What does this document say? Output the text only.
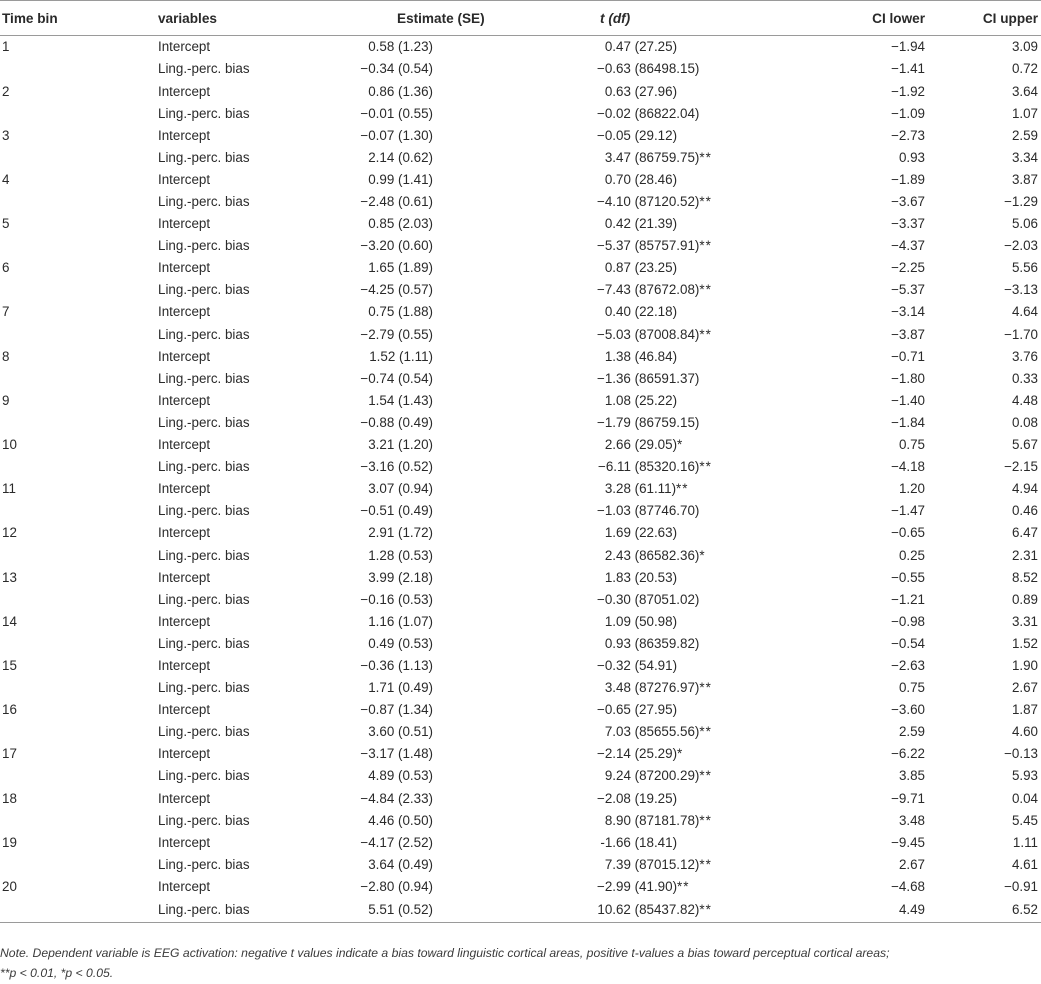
Time bin	variables	Estimate (SE)	t (df)	CI lower	CI upper
1	Intercept	0.58 (1.23)	0.47 (27.25)	−1.94	3.09
	Ling.-perc. bias	−0.34 (0.54)	−0.63 (86498.15)	−1.41	0.72
2	Intercept	0.86 (1.36)	0.63 (27.96)	−1.92	3.64
	Ling.-perc. bias	−0.01 (0.55)	−0.02 (86822.04)	−1.09	1.07
3	Intercept	−0.07 (1.30)	−0.05 (29.12)	−2.73	2.59
	Ling.-perc. bias	2.14 (0.62)	3.47 (86759.75)**	0.93	3.34
4	Intercept	0.99 (1.41)	0.70 (28.46)	−1.89	3.87
	Ling.-perc. bias	−2.48 (0.61)	−4.10 (87120.52)**	−3.67	−1.29
5	Intercept	0.85 (2.03)	0.42 (21.39)	−3.37	5.06
	Ling.-perc. bias	−3.20 (0.60)	−5.37 (85757.91)**	−4.37	−2.03
6	Intercept	1.65 (1.89)	0.87 (23.25)	−2.25	5.56
	Ling.-perc. bias	−4.25 (0.57)	−7.43 (87672.08)**	−5.37	−3.13
7	Intercept	0.75 (1.88)	0.40 (22.18)	−3.14	4.64
	Ling.-perc. bias	−2.79 (0.55)	−5.03 (87008.84)**	−3.87	−1.70
8	Intercept	1.52 (1.11)	1.38 (46.84)	−0.71	3.76
	Ling.-perc. bias	−0.74 (0.54)	−1.36 (86591.37)	−1.80	0.33
9	Intercept	1.54 (1.43)	1.08 (25.22)	−1.40	4.48
	Ling.-perc. bias	−0.88 (0.49)	−1.79 (86759.15)	−1.84	0.08
10	Intercept	3.21 (1.20)	2.66 (29.05)*	0.75	5.67
	Ling.-perc. bias	−3.16 (0.52)	−6.11 (85320.16)**	−4.18	−2.15
11	Intercept	3.07 (0.94)	3.28 (61.11)**	1.20	4.94
	Ling.-perc. bias	−0.51 (0.49)	−1.03 (87746.70)	−1.47	0.46
12	Intercept	2.91 (1.72)	1.69 (22.63)	−0.65	6.47
	Ling.-perc. bias	1.28 (0.53)	2.43 (86582.36)*	0.25	2.31
13	Intercept	3.99 (2.18)	1.83 (20.53)	−0.55	8.52
	Ling.-perc. bias	−0.16 (0.53)	−0.30 (87051.02)	−1.21	0.89
14	Intercept	1.16 (1.07)	1.09 (50.98)	−0.98	3.31
	Ling.-perc. bias	0.49 (0.53)	0.93 (86359.82)	−0.54	1.52
15	Intercept	−0.36 (1.13)	−0.32 (54.91)	−2.63	1.90
	Ling.-perc. bias	1.71 (0.49)	3.48 (87276.97)**	0.75	2.67
16	Intercept	−0.87 (1.34)	−0.65 (27.95)	−3.60	1.87
	Ling.-perc. bias	3.60 (0.51)	7.03 (85655.56)**	2.59	4.60
17	Intercept	−3.17 (1.48)	−2.14 (25.29)*	−6.22	−0.13
	Ling.-perc. bias	4.89 (0.53)	9.24 (87200.29)**	3.85	5.93
18	Intercept	−4.84 (2.33)	−2.08 (19.25)	−9.71	0.04
	Ling.-perc. bias	4.46 (0.50)	8.90 (87181.78)**	3.48	5.45
19	Intercept	−4.17 (2.52)	-1.66 (18.41)	−9.45	1.11
	Ling.-perc. bias	3.64 (0.49)	7.39 (87015.12)**	2.67	4.61
20	Intercept	−2.80 (0.94)	−2.99 (41.90)**	−4.68	−0.91
	Ling.-perc. bias	5.51 (0.52)	10.62 (85437.82)**	4.49	6.52
Note. Dependent variable is EEG activation: negative t values indicate a bias toward linguistic cortical areas, positive t-values a bias toward perceptual cortical areas;
**p < 0.01, *p < 0.05.
